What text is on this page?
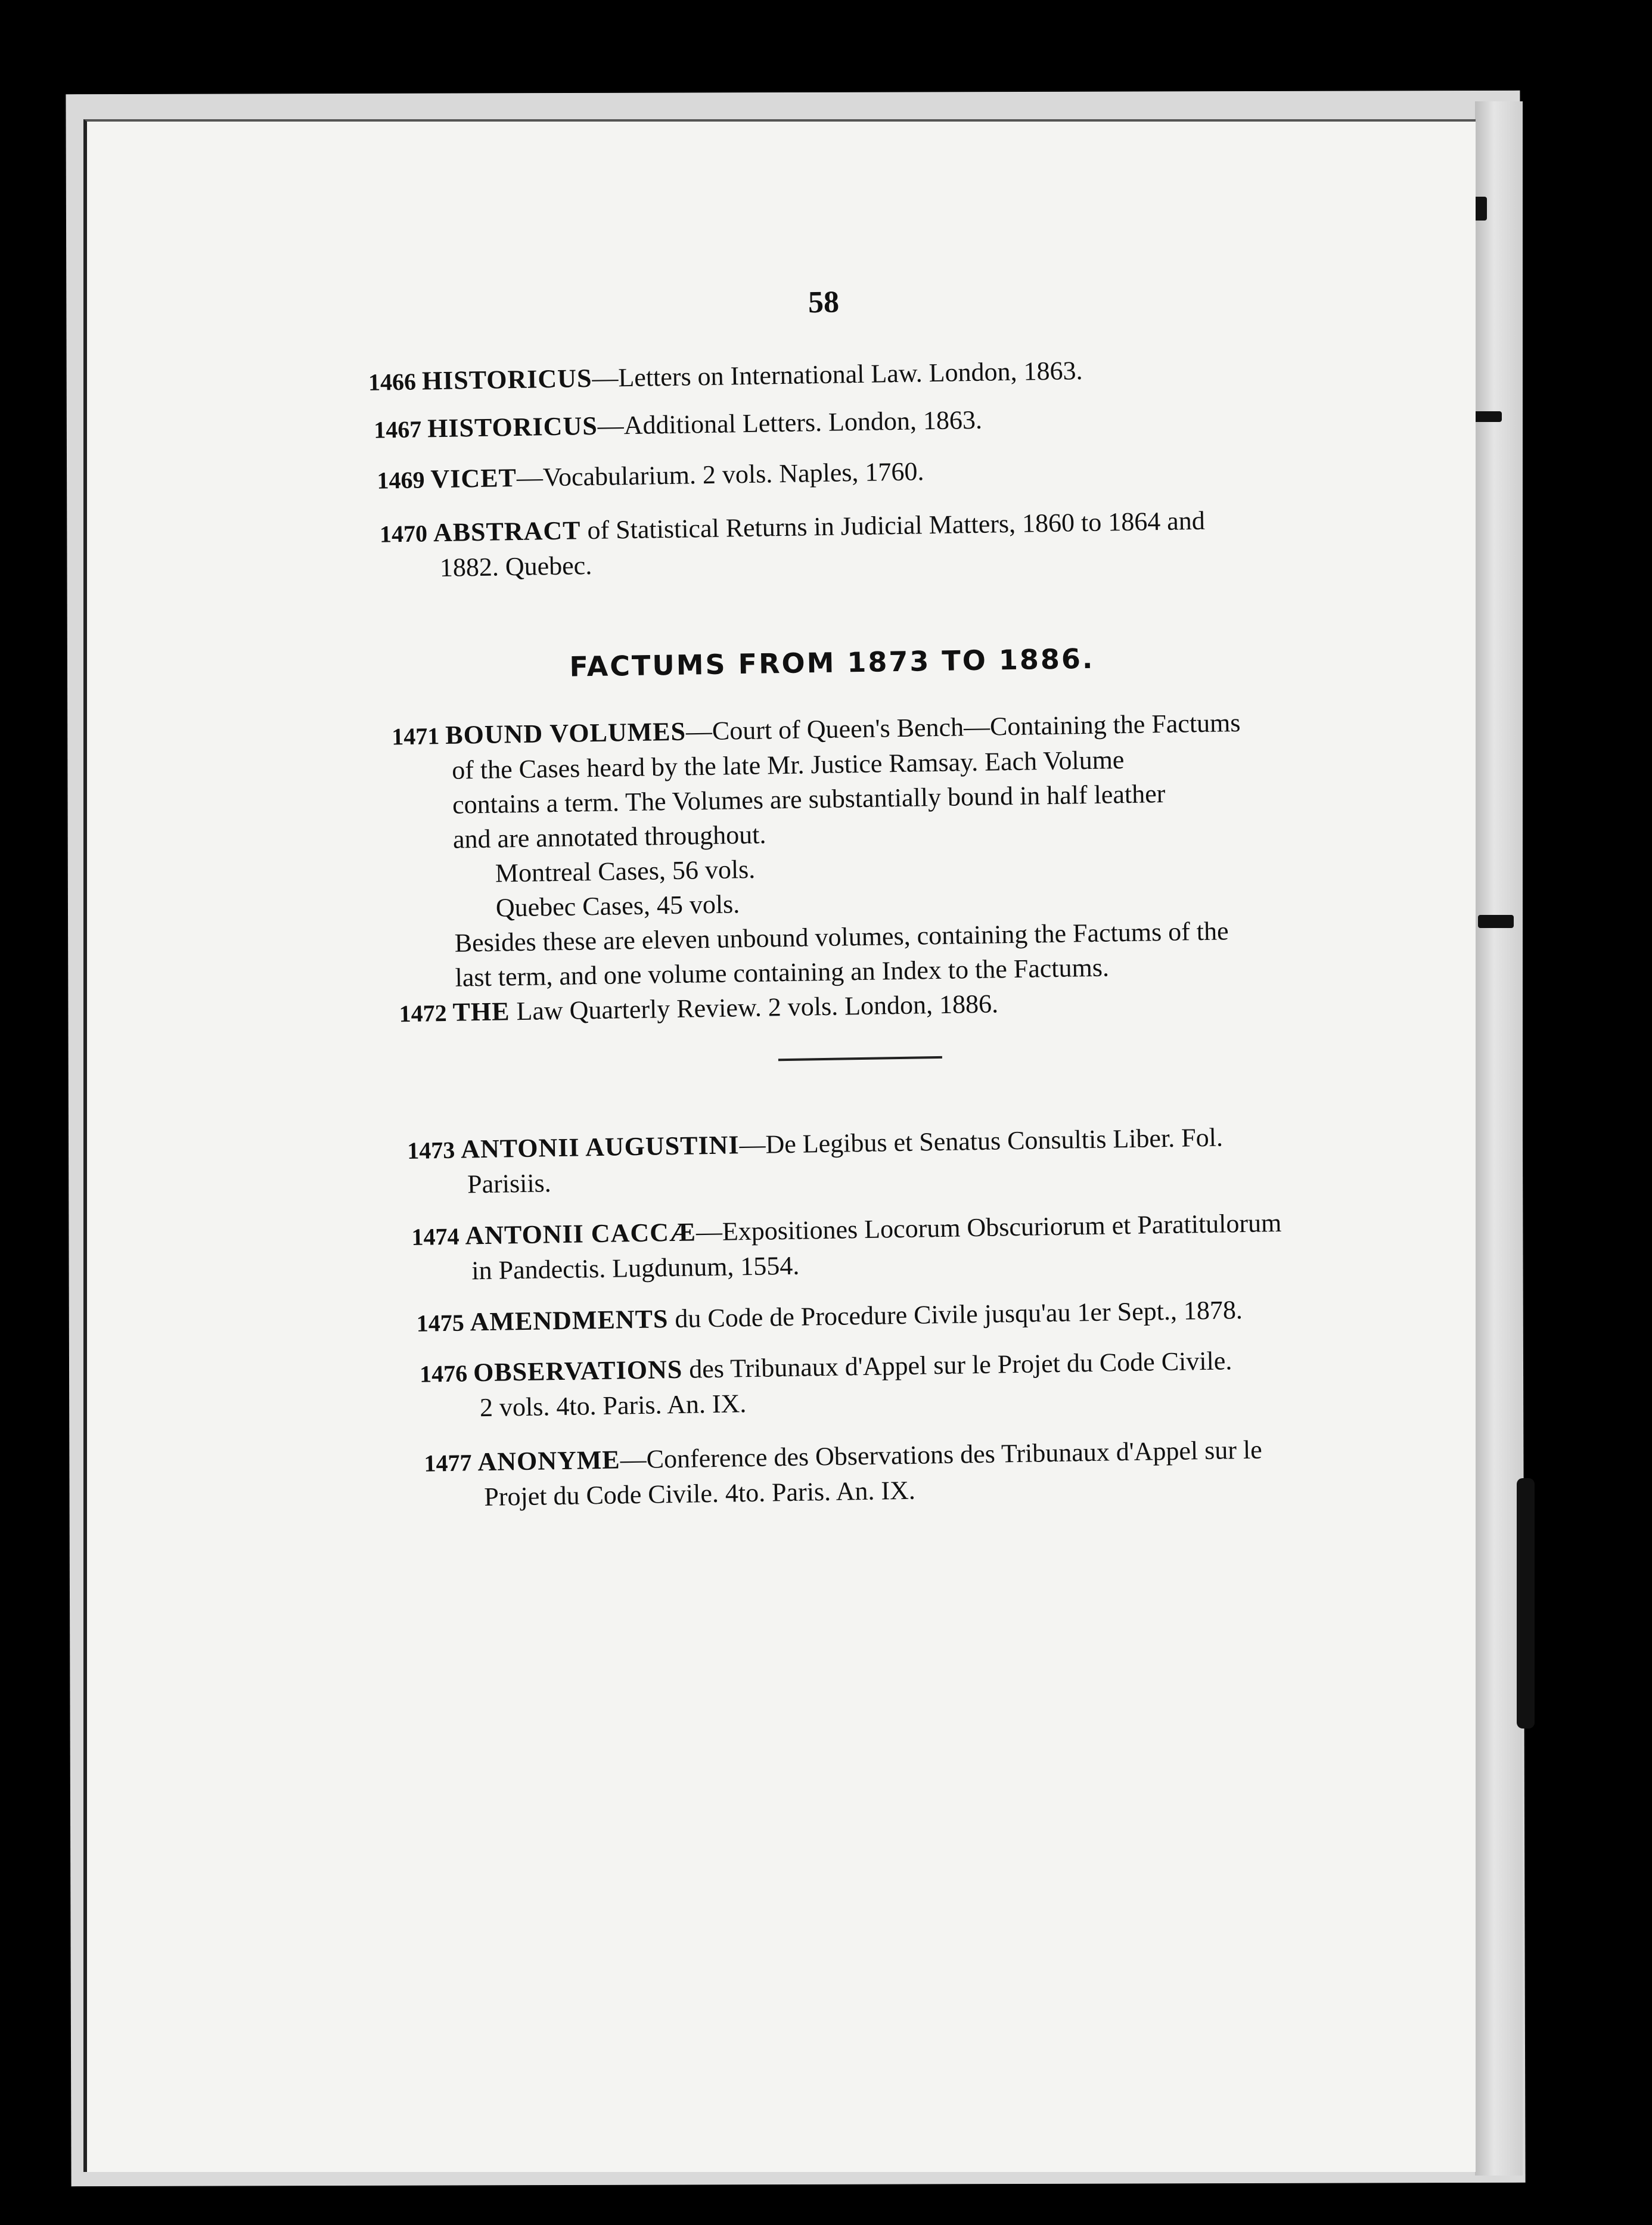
58
1466 HISTORICUS—Letters on International Law. London, 1863.
1467 HISTORICUS—Additional Letters. London, 1863.
1469 VICET—Vocabularium. 2 vols. Naples, 1760.
1470 ABSTRACT of Statistical Returns in Judicial Matters, 1860 to 1864 and
1882. Quebec.
FACTUMS FROM 1873 TO 1886.
1471 BOUND VOLUMES—Court of Queen's Bench—Containing the Factums
of the Cases heard by the late Mr. Justice Ramsay. Each Volume
contains a term. The Volumes are substantially bound in half leather
and are annotated throughout.
Montreal Cases, 56 vols.
Quebec Cases, 45 vols.
Besides these are eleven unbound volumes, containing the Factums of the
last term, and one volume containing an Index to the Factums.
1472 THE Law Quarterly Review. 2 vols. London, 1886.
1473 ANTONII AUGUSTINI—De Legibus et Senatus Consultis Liber. Fol.
Parisiis.
1474 ANTONII CACCÆ—Expositiones Locorum Obscuriorum et Paratitulorum
in Pandectis. Lugdunum, 1554.
1475 AMENDMENTS du Code de Procedure Civile jusqu'au 1er Sept., 1878.
1476 OBSERVATIONS des Tribunaux d'Appel sur le Projet du Code Civile.
2 vols. 4to. Paris. An. IX.
1477 ANONYME—Conference des Observations des Tribunaux d'Appel sur le
Projet du Code Civile. 4to. Paris. An. IX.
